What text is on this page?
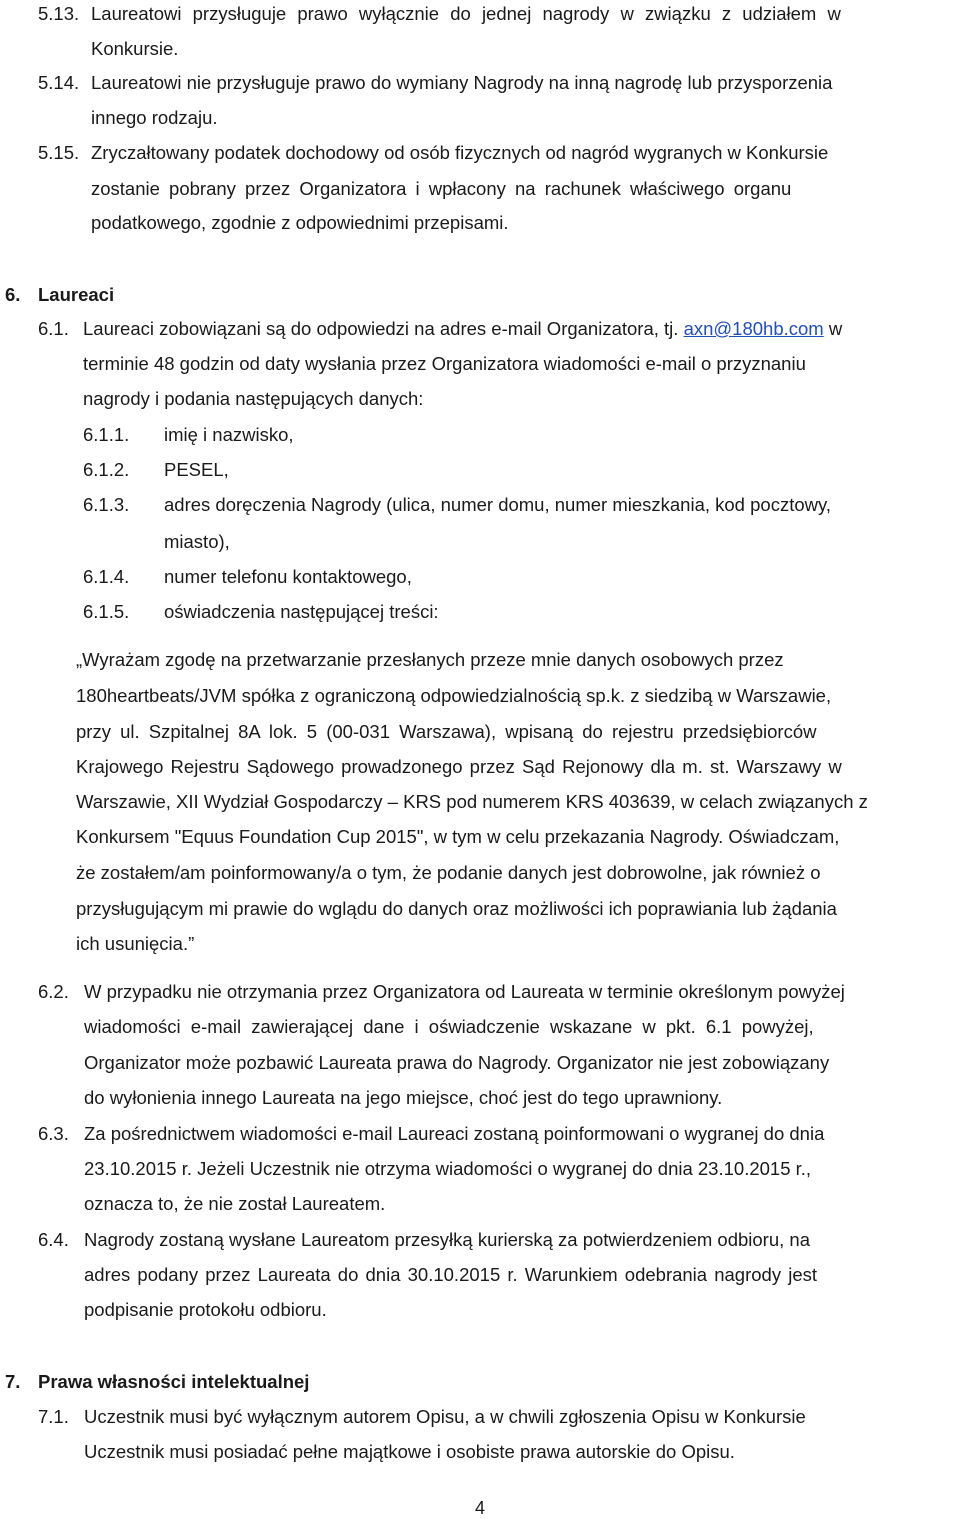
5.13. Laureatowi przysługuje prawo wyłącznie do jednej nagrody w związku z udziałem w
Konkursie.
5.14. Laureatowi nie przysługuje prawo do wymiany Nagrody na inną nagrodę lub przysporzenia
innego rodzaju.
5.15. Zryczałtowany podatek dochodowy od osób fizycznych od nagród wygranych w Konkursie
zostanie pobrany przez Organizatora i wpłacony na rachunek właściwego organu
podatkowego, zgodnie z odpowiednimi przepisami.
6. Laureaci
6.1. Laureaci zobowiązani są do odpowiedzi na adres e-mail Organizatora, tj. axn@180hb.com w
terminie 48 godzin od daty wysłania przez Organizatora wiadomości e-mail o przyznaniu
nagrody i podania następujących danych:
6.1.1. imię i nazwisko,
6.1.2. PESEL,
6.1.3. adres doręczenia Nagrody (ulica, numer domu, numer mieszkania, kod pocztowy,
miasto),
6.1.4. numer telefonu kontaktowego,
6.1.5. oświadczenia następującej treści:
„Wyrażam zgodę na przetwarzanie przesłanych przeze mnie danych osobowych przez
180heartbeats/JVM spółka z ograniczoną odpowiedzialnością sp.k. z siedzibą w Warszawie,
przy ul. Szpitalnej 8A lok. 5 (00-031 Warszawa), wpisaną do rejestru przedsiębiorców
Krajowego Rejestru Sądowego prowadzonego przez Sąd Rejonowy dla m. st. Warszawy w
Warszawie, XII Wydział Gospodarczy – KRS pod numerem KRS 403639, w celach związanych z
Konkursem "Equus Foundation Cup 2015", w tym w celu przekazania Nagrody. Oświadczam,
że zostałem/am poinformowany/a o tym, że podanie danych jest dobrowolne, jak również o
przysługującym mi prawie do wglądu do danych oraz możliwości ich poprawiania lub żądania
ich usunięcia.”
6.2. W przypadku nie otrzymania przez Organizatora od Laureata w terminie określonym powyżej
wiadomości e-mail zawierającej dane i oświadczenie wskazane w pkt. 6.1 powyżej,
Organizator może pozbawić Laureata prawa do Nagrody. Organizator nie jest zobowiązany
do wyłonienia innego Laureata na jego miejsce, choć jest do tego uprawniony.
6.3. Za pośrednictwem wiadomości e-mail Laureaci zostaną poinformowani o wygranej do dnia
23.10.2015 r. Jeżeli Uczestnik nie otrzyma wiadomości o wygranej do dnia 23.10.2015 r.,
oznacza to, że nie został Laureatem.
6.4. Nagrody zostaną wysłane Laureatom przesyłką kurierską za potwierdzeniem odbioru, na
adres podany przez Laureata do dnia 30.10.2015 r. Warunkiem odebrania nagrody jest
podpisanie protokołu odbioru.
7. Prawa własności intelektualnej
7.1. Uczestnik musi być wyłącznym autorem Opisu, a w chwili zgłoszenia Opisu w Konkursie
Uczestnik musi posiadać pełne majątkowe i osobiste prawa autorskie do Opisu.
4
